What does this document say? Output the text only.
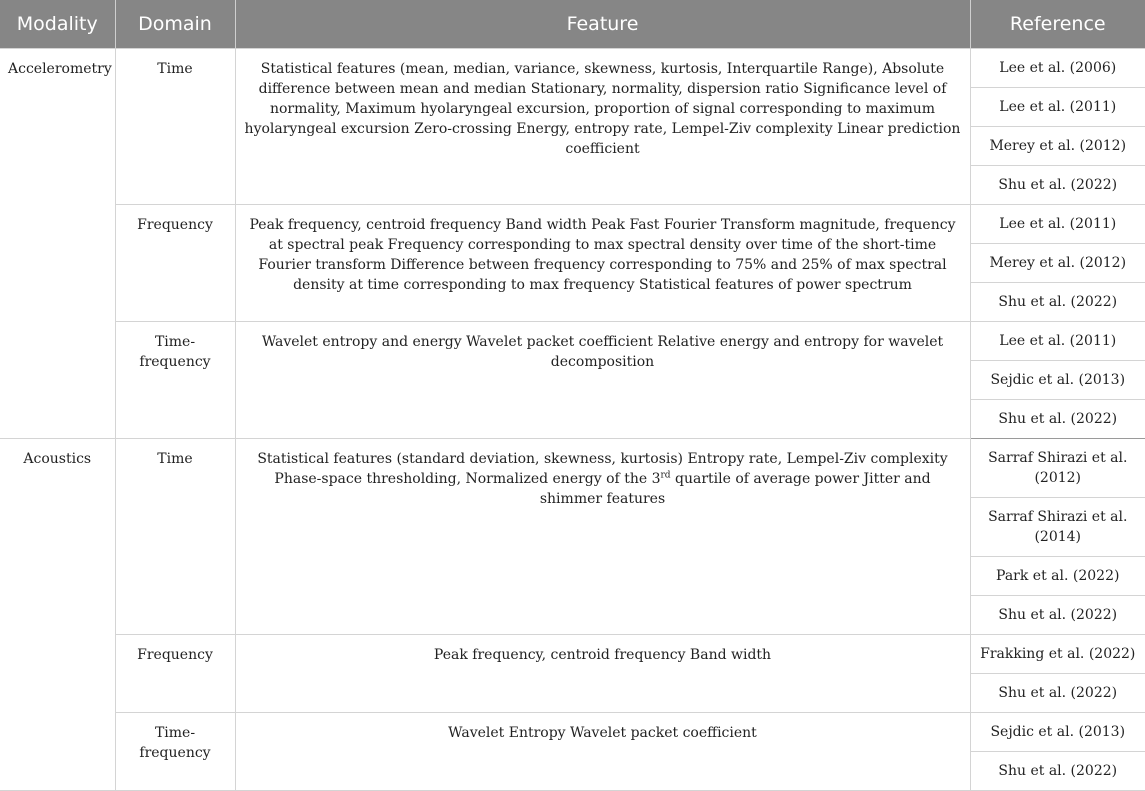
Modality	Domain	Feature	Reference
Accelerometry	Time	Statistical features (mean, median, variance, skewness, kurtosis, Interquartile Range), Absolute difference between mean and median Stationary, normality, dispersion ratio Significance level of normality, Maximum hyolaryngeal excursion, proportion of signal corresponding to maximum hyolaryngeal excursion Zero-crossing Energy, entropy rate, Lempel-Ziv complexity Linear prediction coefficient	Lee et al. (2006)
			Lee et al. (2011)
			Merey et al. (2012)
			Shu et al. (2022)
	Frequency	Peak frequency, centroid frequency Band width Peak Fast Fourier Transform magnitude, frequency at spectral peak Frequency corresponding to max spectral density over time of the short-time Fourier transform Difference between frequency corresponding to 75% and 25% of max spectral density at time corresponding to max frequency Statistical features of power spectrum	Lee et al. (2011)
			Merey et al. (2012)
			Shu et al. (2022)
	Time-frequency	Wavelet entropy and energy Wavelet packet coefficient Relative energy and entropy for wavelet decomposition	Lee et al. (2011)
			Sejdic et al. (2013)
			Shu et al. (2022)
Acoustics	Time	Statistical features (standard deviation, skewness, kurtosis) Entropy rate, Lempel-Ziv complexity Phase-space thresholding, Normalized energy of the 3rd quartile of average power Jitter and shimmer features	Sarraf Shirazi et al. (2012)
			Sarraf Shirazi et al. (2014)
			Park et al. (2022)
			Shu et al. (2022)
	Frequency	Peak frequency, centroid frequency Band width	Frakking et al. (2022)
			Shu et al. (2022)
	Time-frequency	Wavelet Entropy Wavelet packet coefficient	Sejdic et al. (2013)
			Shu et al. (2022)
